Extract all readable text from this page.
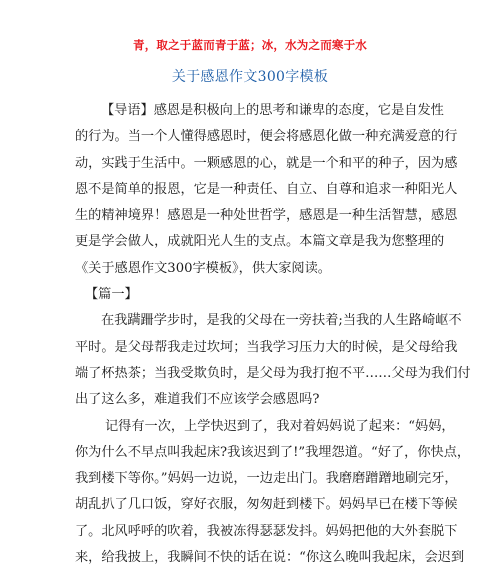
青，取之于蓝而青于蓝；冰，水为之而寒于水
关于感恩作文300字模板
【导语】感恩是积极向上的思考和谦卑的态度，它是自发性
的行为。当一个人懂得感恩时，便会将感恩化做一种充满爱意的行
动，实践于生活中。一颗感恩的心，就是一个和平的种子，因为感
恩不是简单的报恩，它是一种责任、自立、自尊和追求一种阳光人
生的精神境界！感恩是一种处世哲学，感恩是一种生活智慧，感恩
更是学会做人，成就阳光人生的支点。本篇文章是我为您整理的
《关于感恩作文300字模板》，供大家阅读。
【篇一】
在我蹒跚学步时，是我的父母在一旁扶着;当我的人生路崎岖不
平时。是父母帮我走过坎坷；当我学习压力大的时候，是父母给我
端了杯热茶；当我受欺负时，是父母为我打抱不平……父母为我们付
出了这么多，难道我们不应该学会感恩吗?
记得有一次，上学快迟到了，我对着妈妈说了起来：“妈妈，
你为什么不早点叫我起床?我该迟到了!”我埋怨道。“好了，你快点，
我到楼下等你。”妈妈一边说，一边走出门。我磨磨蹭蹭地刷完牙，
胡乱扒了几口饭，穿好衣服，匆匆赶到楼下。妈妈早已在楼下等候
了。北风呼呼的吹着，我被冻得瑟瑟发抖。妈妈把他的大外套脱下
来，给我披上，我瞬间不快的话在说：“你这么晚叫我起床，会迟到
